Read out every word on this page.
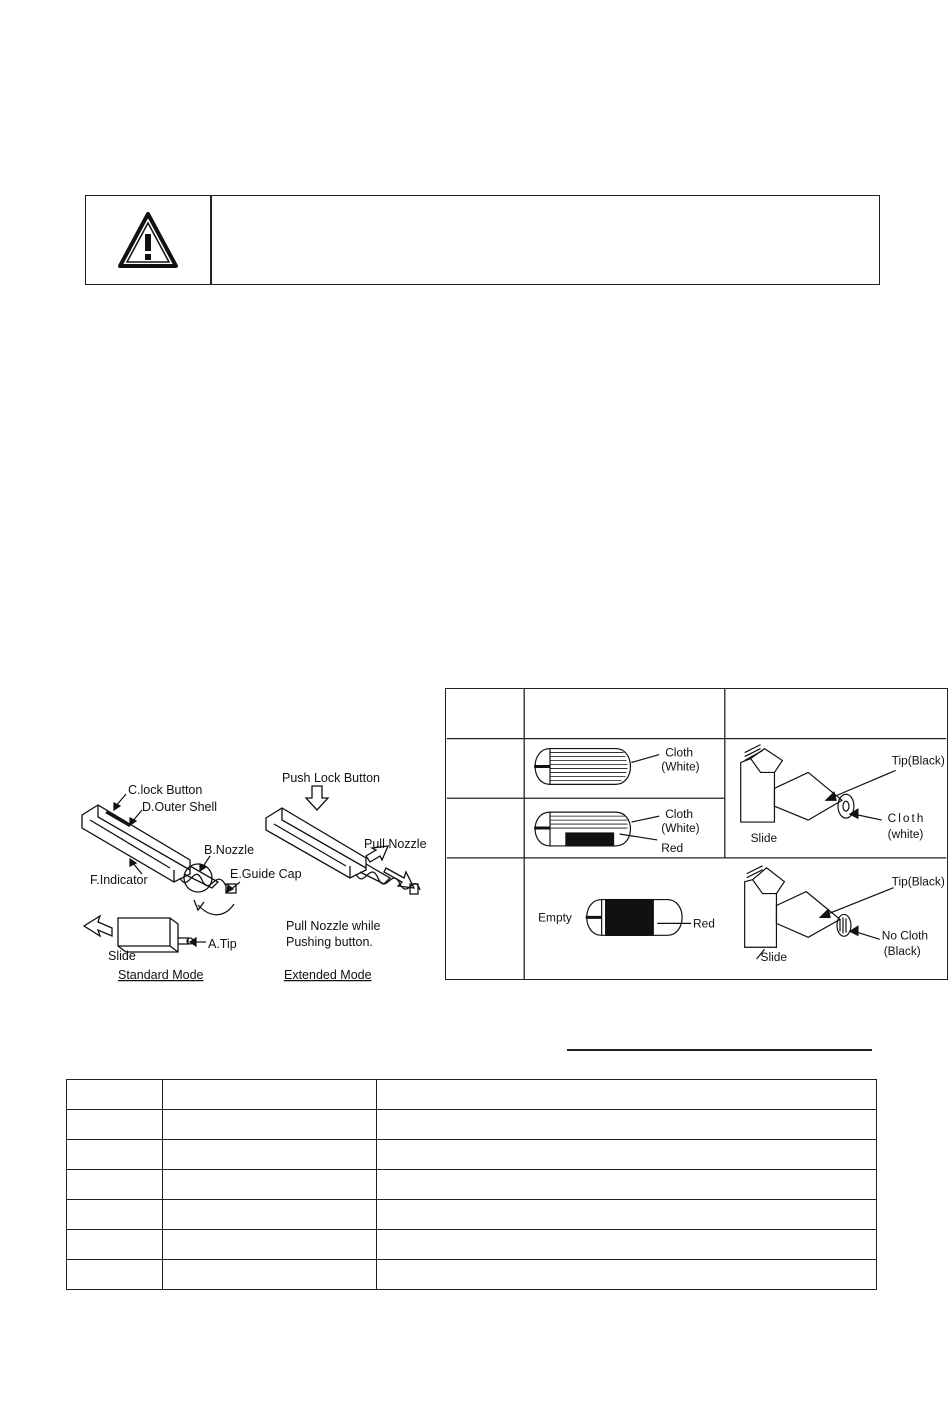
C.lock Button
D.Outer Shell
B.Nozzle
F.Indicator	E.Guide Cap
A.Tip
Slide
Standard Mode
Push Lock Button
Pull Nozzle
Pull Nozzle while
Pushing button.
Extended Mode
Cloth
(White)
Cloth
(White)
Red
Tip(Black)
Cloth
(white)
Slide
Empty	Red
Tip(Black)
No Cloth
(Black)
Slide
